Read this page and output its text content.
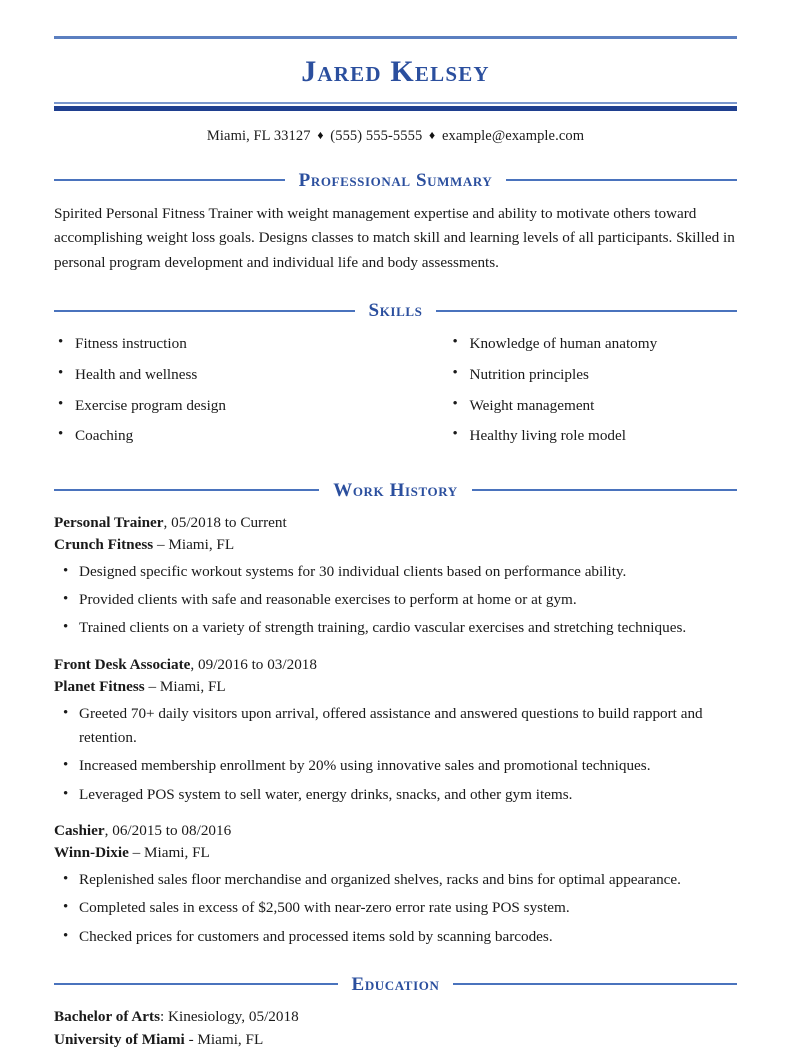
Jared Kelsey
Miami, FL 33127 ♦ (555) 555-5555 ♦ example@example.com
Professional Summary
Spirited Personal Fitness Trainer with weight management expertise and ability to motivate others toward accomplishing weight loss goals. Designs classes to match skill and learning levels of all participants. Skilled in personal program development and individual life and body assessments.
Skills
• Fitness instruction
• Health and wellness
• Exercise program design
• Coaching
• Knowledge of human anatomy
• Nutrition principles
• Weight management
• Healthy living role model
Work History
Personal Trainer, 05/2018 to Current
Crunch Fitness – Miami, FL
• Designed specific workout systems for 30 individual clients based on performance ability.
• Provided clients with safe and reasonable exercises to perform at home or at gym.
• Trained clients on a variety of strength training, cardio vascular exercises and stretching techniques.
Front Desk Associate, 09/2016 to 03/2018
Planet Fitness – Miami, FL
• Greeted 70+ daily visitors upon arrival, offered assistance and answered questions to build rapport and retention.
• Increased membership enrollment by 20% using innovative sales and promotional techniques.
• Leveraged POS system to sell water, energy drinks, snacks, and other gym items.
Cashier, 06/2015 to 08/2016
Winn-Dixie – Miami, FL
• Replenished sales floor merchandise and organized shelves, racks and bins for optimal appearance.
• Completed sales in excess of $2,500 with near-zero error rate using POS system.
• Checked prices for customers and processed items sold by scanning barcodes.
Education
Bachelor of Arts: Kinesiology, 05/2018
University of Miami - Miami, FL
